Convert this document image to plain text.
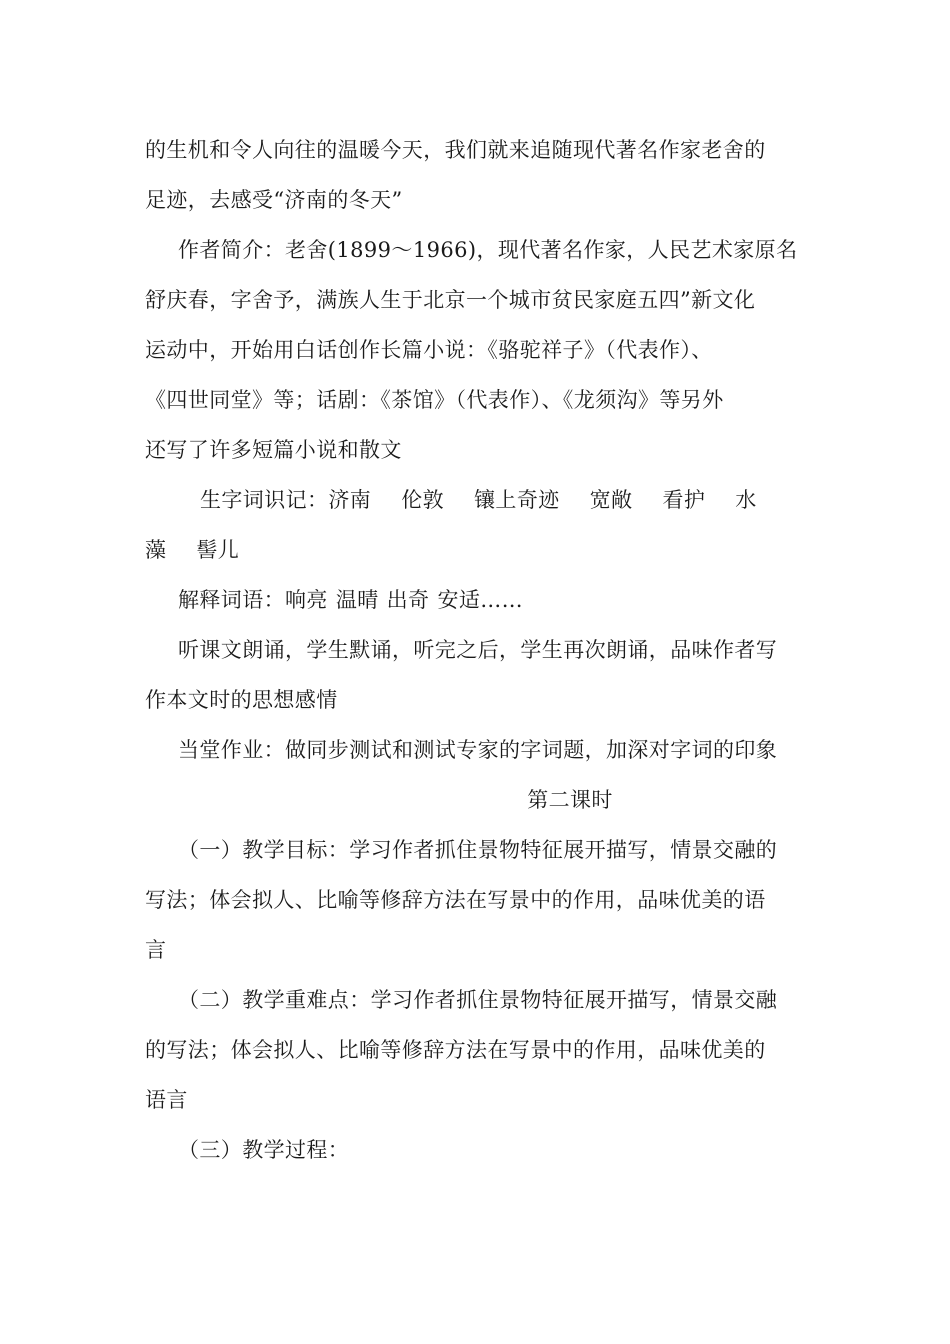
的生机和令人向往的温暖今天，我们就来追随现代著名作家老舍的
足迹，去感受“济南的冬天”
作者简介：老舍(1899～1966)，现代著名作家，人民艺术家原名
舒庆春，字舍予，满族人生于北京一个城市贫民家庭五四”新文化
运动中，开始用白话创作长篇小说：《骆驼祥子》（代表作）、
《四世同堂》等；话剧：《茶馆》（代表作）、《龙须沟》等另外
还写了许多短篇小说和散文
生字词识记：济南 伦敦 镶上奇迹 宽敞 看护 水
藻 髻儿
解释词语：响亮 温晴 出奇 安适……
听课文朗诵，学生默诵，听完之后，学生再次朗诵，品味作者写
作本文时的思想感情
当堂作业：做同步测试和测试专家的字词题，加深对字词的印象
第二课时
（一）教学目标：学习作者抓住景物特征展开描写，情景交融的
写法；体会拟人、比喻等修辞方法在写景中的作用，品味优美的语
言
（二）教学重难点：学习作者抓住景物特征展开描写，情景交融
的写法；体会拟人、比喻等修辞方法在写景中的作用，品味优美的
语言
（三）教学过程：
